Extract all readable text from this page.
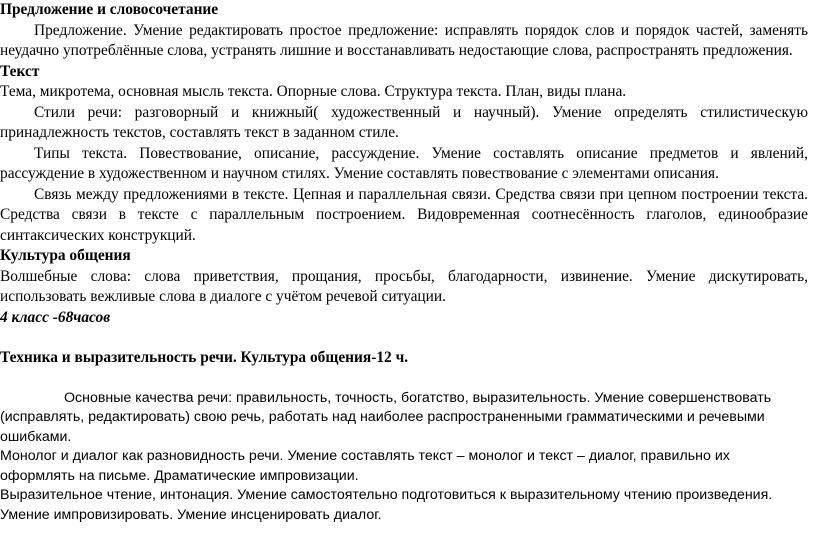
Предложение и словосочетание

Предложение. Умение редактировать простое предложение: исправлять порядок слов и порядок частей, заменять неудачно употреблённые слова, устранять лишние и восстанавливать недостающие слова, распространять предложения.

Текст

Тема, микротема, основная мысль текста. Опорные слова. Структура текста. План, виды плана.

Стили речи: разговорный и книжный( художественный и научный). Умение определять стилистическую принадлежность текстов, составлять текст в заданном стиле.

Типы текста. Повествование, описание, рассуждение. Умение составлять описание предметов и явлений, рассуждение в художественном и научном стилях. Умение составлять повествование с элементами описания.

Связь между предложениями в тексте. Цепная и параллельная связи. Средства связи при цепном построении текста. Средства связи в тексте с параллельным построением. Видовременная соотнесённость глаголов, единообразие синтаксических конструкций.

Культура общения

Волшебные слова: слова приветствия, прощания, просьбы, благодарности, извинение. Умение дискутировать, использовать вежливые слова в диалоге с учётом речевой ситуации.

4 класс -68часов

Техника и выразительность речи. Культура общения-12 ч.

Основные качества речи: правильность, точность, богатство, выразительность. Умение совершенствовать (исправлять, редактировать) свою речь, работать над наиболее распространенными грамматическими и речевыми ошибками.

Монолог и диалог как разновидность речи. Умение составлять текст – монолог и текст – диалог, правильно их оформлять на письме. Драматические импровизации.

Выразительное чтение, интонация. Умение самостоятельно подготовиться к выразительному чтению произведения. Умение импровизировать. Умение инсценировать диалог.
